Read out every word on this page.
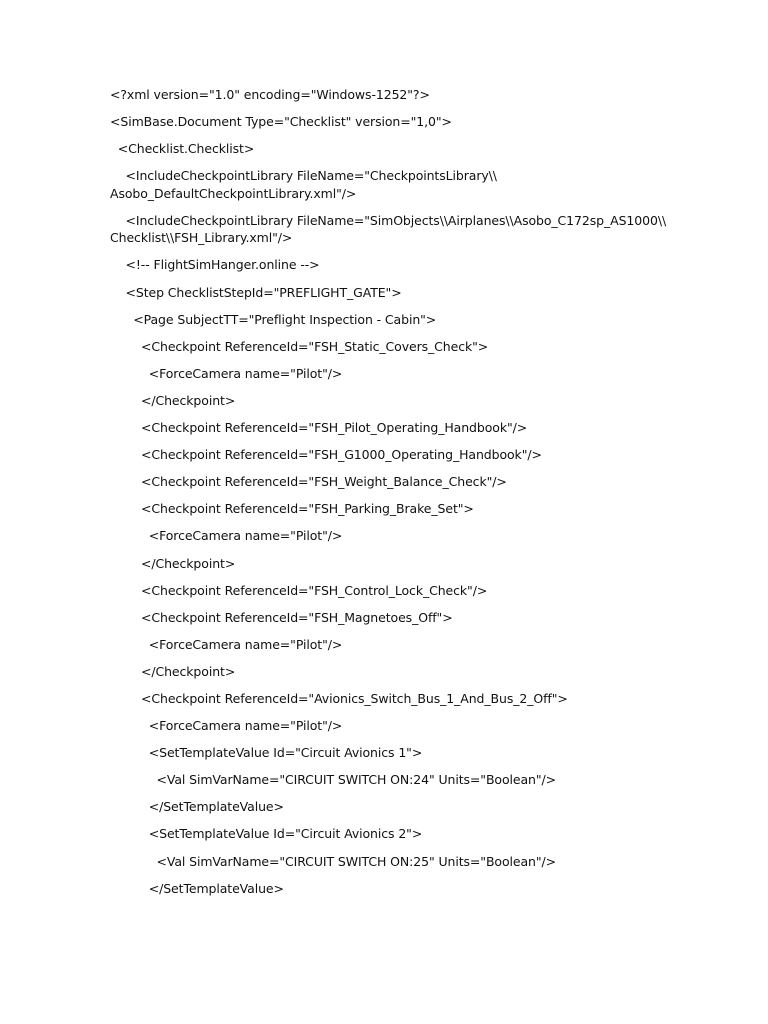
<?xml version="1.0" encoding="Windows-1252"?>

<SimBase.Document Type="Checklist" version="1,0">

<Checklist.Checklist>

<IncludeCheckpointLibrary FileName="CheckpointsLibrary\\
Asobo_DefaultCheckpointLibrary.xml"/>

<IncludeCheckpointLibrary FileName="SimObjects\\Airplanes\\Asobo_C172sp_AS1000\\
Checklist\\FSH_Library.xml"/>

<!-- FlightSimHanger.online -->

<Step ChecklistStepId="PREFLIGHT_GATE">

<Page SubjectTT="Preflight Inspection - Cabin">

<Checkpoint ReferenceId="FSH_Static_Covers_Check">

<ForceCamera name="Pilot"/>

</Checkpoint>

<Checkpoint ReferenceId="FSH_Pilot_Operating_Handbook"/>

<Checkpoint ReferenceId="FSH_G1000_Operating_Handbook"/>

<Checkpoint ReferenceId="FSH_Weight_Balance_Check"/>

<Checkpoint ReferenceId="FSH_Parking_Brake_Set">

<ForceCamera name="Pilot"/>

</Checkpoint>

<Checkpoint ReferenceId="FSH_Control_Lock_Check"/>

<Checkpoint ReferenceId="FSH_Magnetoes_Off">

<ForceCamera name="Pilot"/>

</Checkpoint>

<Checkpoint ReferenceId="Avionics_Switch_Bus_1_And_Bus_2_Off">

<ForceCamera name="Pilot"/>

<SetTemplateValue Id="Circuit Avionics 1">

<Val SimVarName="CIRCUIT SWITCH ON:24" Units="Boolean"/>

</SetTemplateValue>

<SetTemplateValue Id="Circuit Avionics 2">

<Val SimVarName="CIRCUIT SWITCH ON:25" Units="Boolean"/>

</SetTemplateValue>
